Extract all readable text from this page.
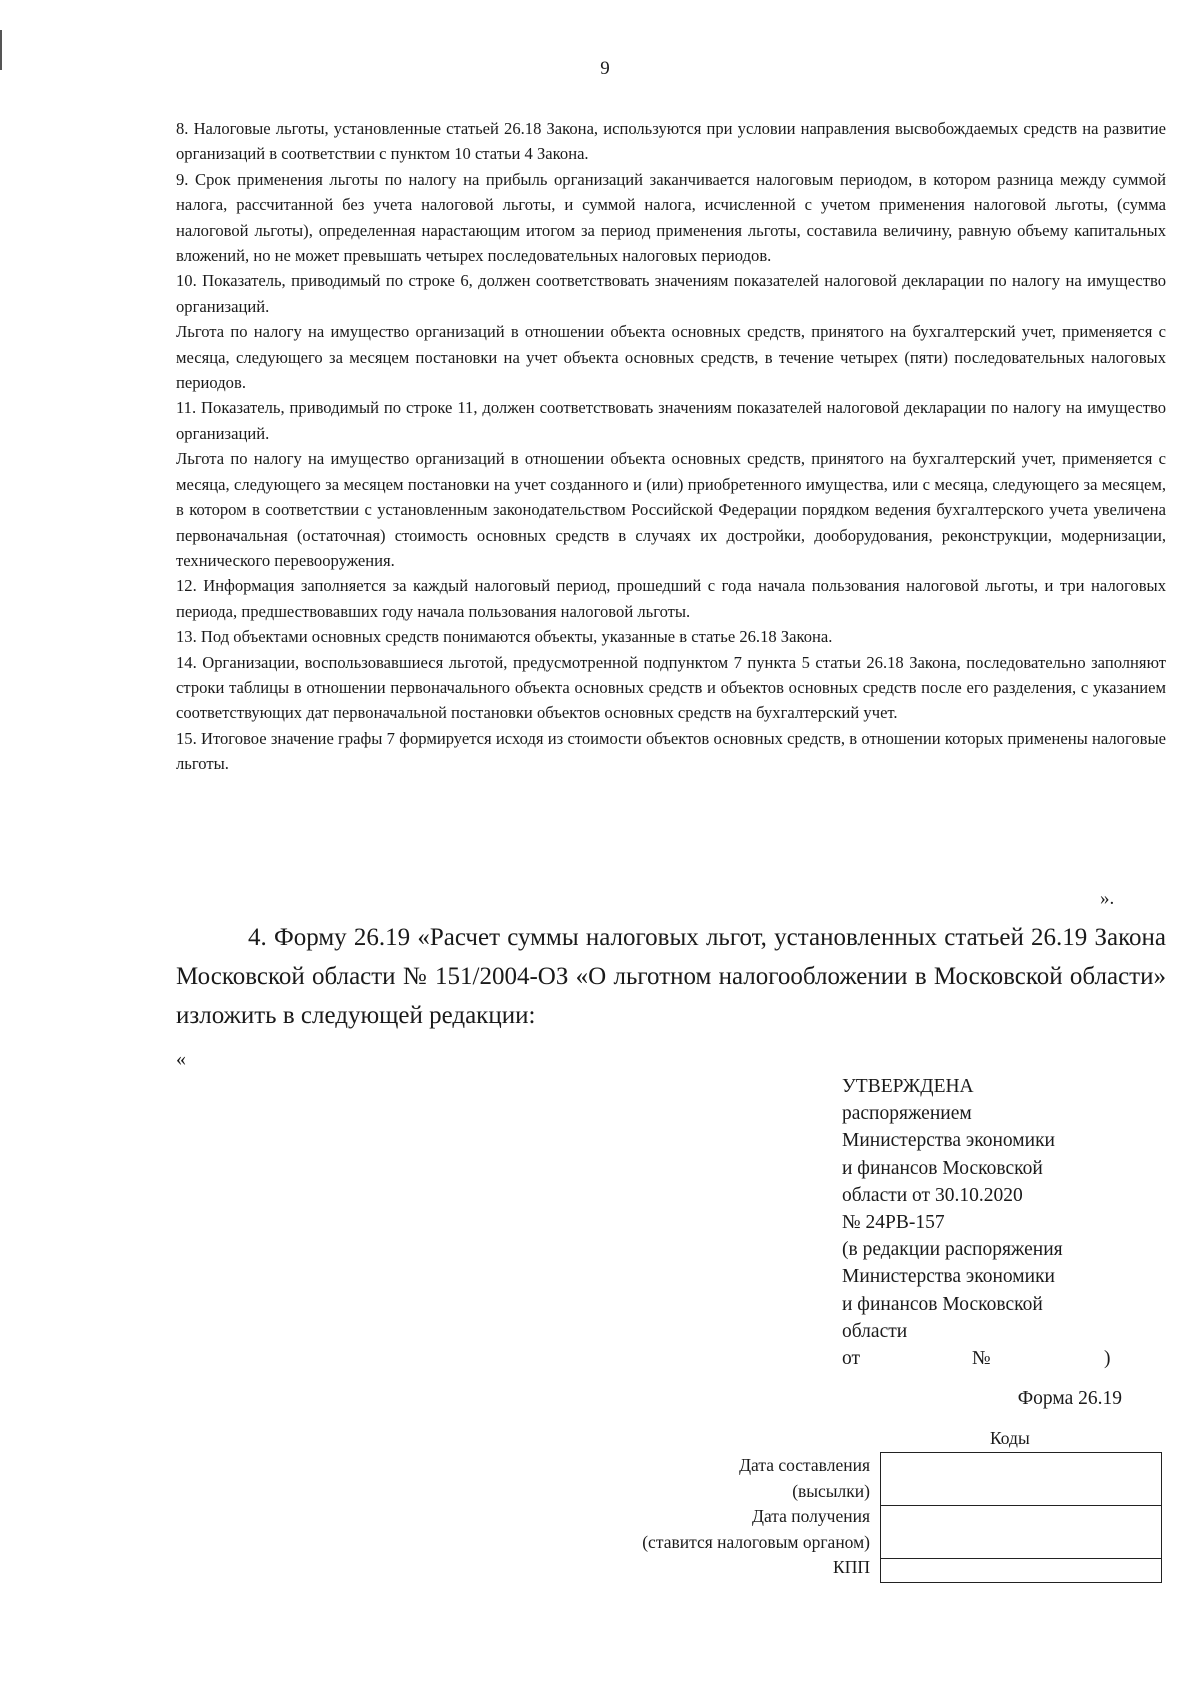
9

8. Налоговые льготы, установленные статьей 26.18 Закона, используются при условии направления высвобождаемых средств на развитие организаций в соответствии с пунктом 10 статьи 4 Закона.

9. Срок применения льготы по налогу на прибыль организаций заканчивается налоговым периодом, в котором разница между суммой налога, рассчитанной без учета налоговой льготы, и суммой налога, исчисленной с учетом применения налоговой льготы, (сумма налоговой льготы), определенная нарастающим итогом за период применения льготы, составила величину, равную объему капитальных вложений, но не может превышать четырех последовательных налоговых периодов.

10. Показатель, приводимый по строке 6, должен соответствовать значениям показателей налоговой декларации по налогу на имущество организаций.

Льгота по налогу на имущество организаций в отношении объекта основных средств, принятого на бухгалтерский учет, применяется с месяца, следующего за месяцем постановки на учет объекта основных средств, в течение четырех (пяти) последовательных налоговых периодов.

11. Показатель, приводимый по строке 11, должен соответствовать значениям показателей налоговой декларации по налогу на имущество организаций.

Льгота по налогу на имущество организаций в отношении объекта основных средств, принятого на бухгалтерский учет, применяется с месяца, следующего за месяцем постановки на учет созданного и (или) приобретенного имущества, или с месяца, следующего за месяцем, в котором в соответствии с установленным законодательством Российской Федерации порядком ведения бухгалтерского учета увеличена первоначальная (остаточная) стоимость основных средств в случаях их достройки, дооборудования, реконструкции, модернизации, технического перевооружения.

12. Информация заполняется за каждый налоговый период, прошедший с года начала пользования налоговой льготы, и три налоговых периода, предшествовавших году начала пользования налоговой льготы.

13. Под объектами основных средств понимаются объекты, указанные в статье 26.18 Закона.

14. Организации, воспользовавшиеся льготой, предусмотренной подпунктом 7 пункта 5 статьи 26.18 Закона, последовательно заполняют строки таблицы в отношении первоначального объекта основных средств и объектов основных средств после его разделения, с указанием соответствующих дат первоначальной постановки объектов основных средств на бухгалтерский учет.

15. Итоговое значение графы 7 формируется исходя из стоимости объектов основных средств, в отношении которых применены налоговые льготы.

».
4. Форму 26.19 «Расчет суммы налоговых льгот, установленных статьей 26.19 Закона Московской области № 151/2004-ОЗ «О льготном налогообложении в Московской области» изложить в следующей редакции:
«
УТВЕРЖДЕНА
распоряжением
Министерства экономики
и финансов Московской
области от 30.10.2020
№ 24РВ-157
(в редакции распоряжения
Министерства экономики
и финансов Московской
области
от	№	)
Форма 26.19
Коды
Дата составления
(высылки)
Дата получения
(ставится налоговым органом)
КПП
